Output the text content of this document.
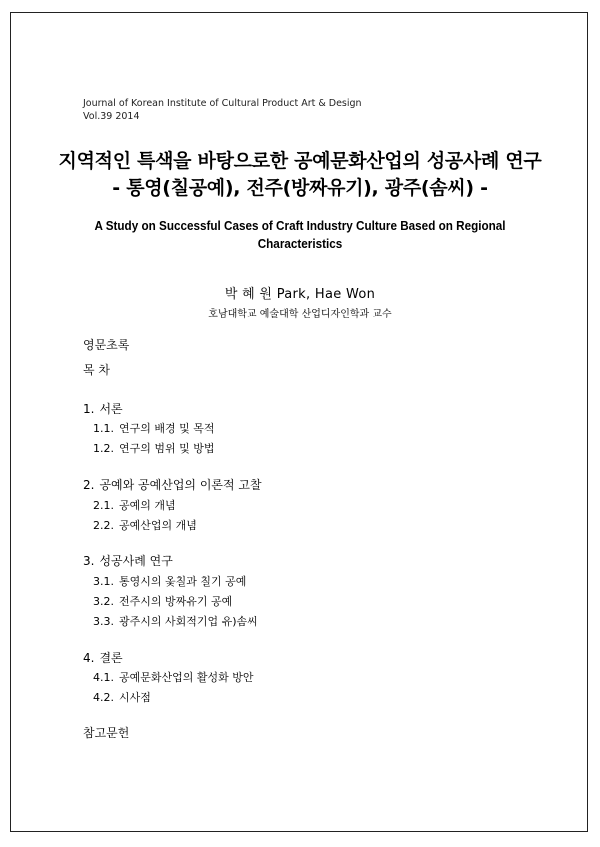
Journal of Korean Institute of Cultural Product Art & Design
Vol.39 2014
지역적인 특색을 바탕으로한 공예문화산업의 성공사례 연구
- 통영(칠공예), 전주(방짜유기), 광주(솜씨) -
A Study on Successful Cases of Craft Industry Culture Based on Regional
Characteristics
박 혜 원 Park, Hae Won
호남대학교 예술대학 산업디자인학과 교수
영문초록
목 차
1. 서론
1.1. 연구의 배경 및 목적
1.2. 연구의 범위 및 방법
2. 공예와 공예산업의 이론적 고찰
2.1. 공예의 개념
2.2. 공예산업의 개념
3. 성공사례 연구
3.1. 통영시의 옻칠과 칠기 공예
3.2. 전주시의 방짜유기 공예
3.3. 광주시의 사회적기업 유)솜씨
4. 결론
4.1. 공예문화산업의 활성화 방안
4.2. 시사점
참고문헌
